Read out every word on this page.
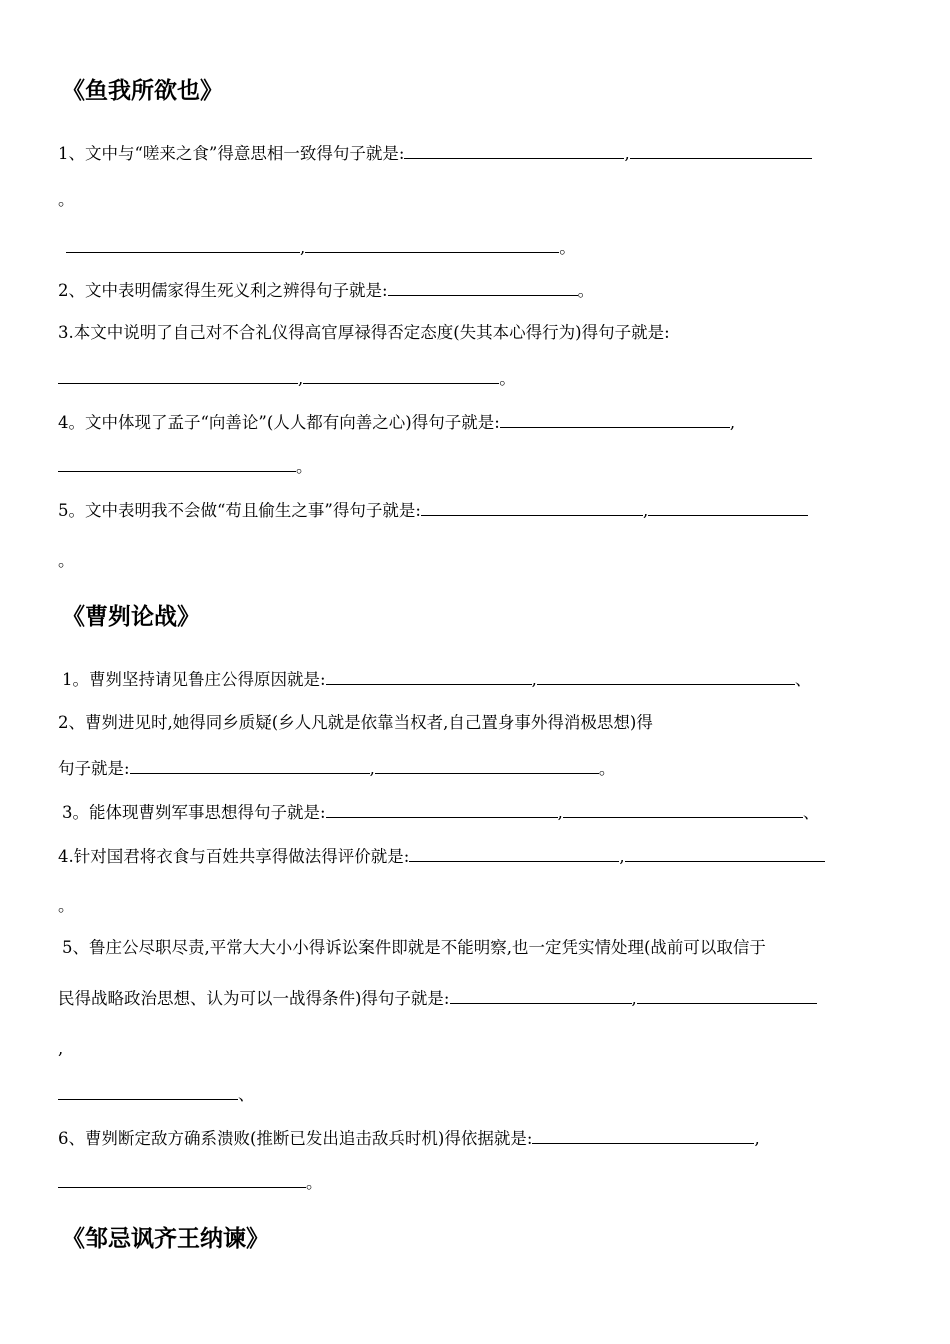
《鱼我所欲也》
1、文中与“嗟来之食”得意思相一致得句子就是:	,
。
,	。
2、文中表明儒家得生死义利之辨得句子就是:	。
3.本文中说明了自己对不合礼仪得高官厚禄得否定态度(失其本心得行为)得句子就是:
,	。
4。文中体现了孟子“向善论”(人人都有向善之心)得句子就是:	,
。
5。文中表明我不会做“苟且偷生之事”得句子就是:	,
。
《曹刿论战》
1。曹刿坚持请见鲁庄公得原因就是:	,	、
2、曹刿进见时,她得同乡质疑(乡人凡就是依靠当权者,自己置身事外得消极思想)得
句子就是:	,	。
3。能体现曹刿军事思想得句子就是:	,	、
4.针对国君将衣食与百姓共享得做法得评价就是:	,
。
5、鲁庄公尽职尽责,平常大大小小得诉讼案件即就是不能明察,也一定凭实情处理(战前可以取信于
民得战略政治思想、认为可以一战得条件)得句子就是:	,
,
、
6、曹刿断定敌方确系溃败(推断已发出追击敌兵时机)得依据就是:	,
。
《邹忌讽齐王纳谏》
